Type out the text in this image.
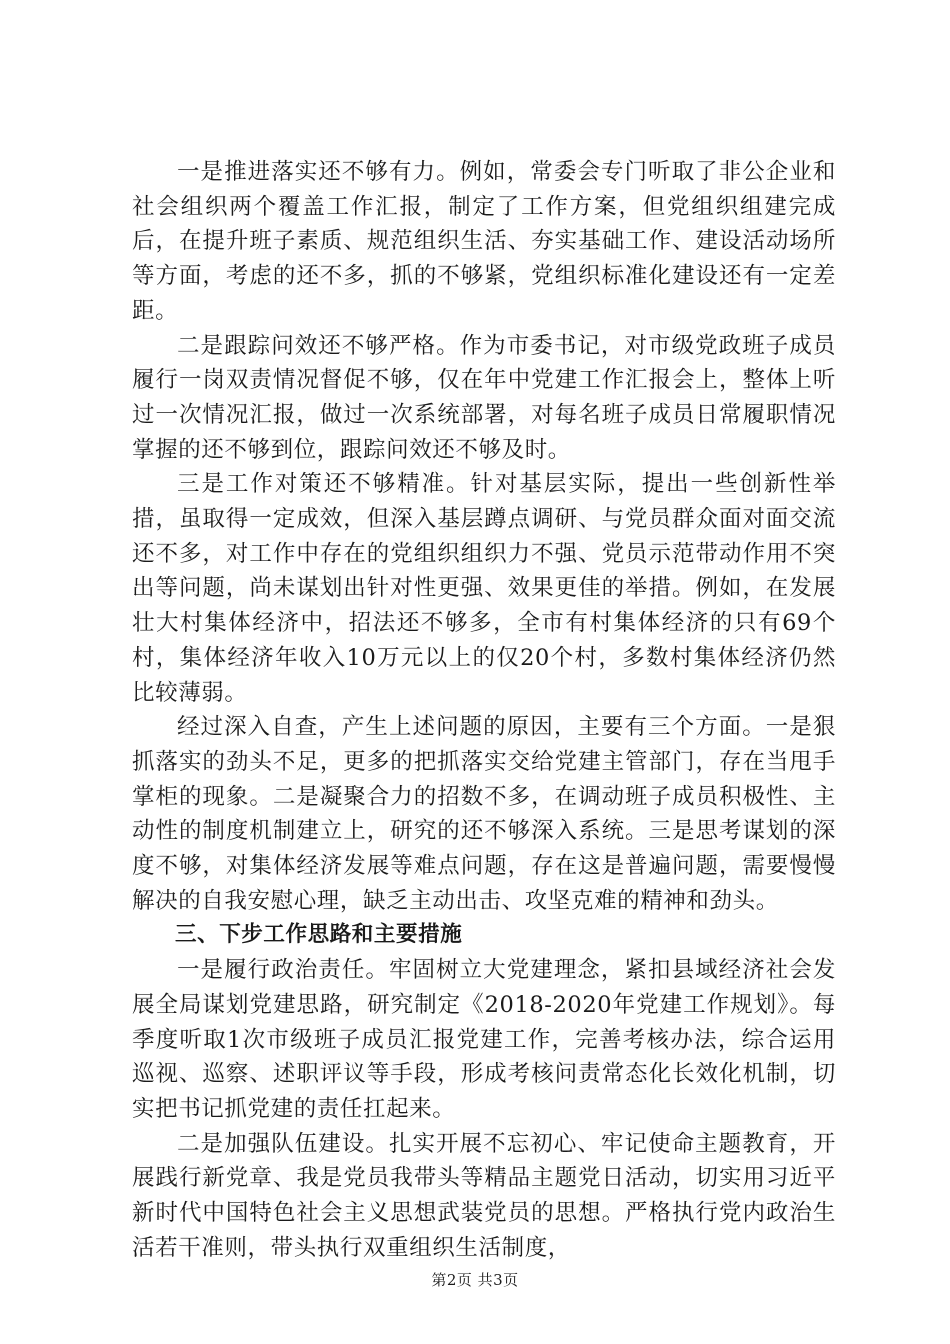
一是推进落实还不够有力。例如，常委会专门听取了非公企业和社会组织两个覆盖工作汇报，制定了工作方案，但党组织组建完成后，在提升班子素质、规范组织生活、夯实基础工作、建设活动场所等方面，考虑的还不多，抓的不够紧，党组织标准化建设还有一定差距。

二是跟踪问效还不够严格。作为市委书记，对市级党政班子成员履行一岗双责情况督促不够，仅在年中党建工作汇报会上，整体上听过一次情况汇报，做过一次系统部署，对每名班子成员日常履职情况掌握的还不够到位，跟踪问效还不够及时。

三是工作对策还不够精准。针对基层实际，提出一些创新性举措，虽取得一定成效，但深入基层蹲点调研、与党员群众面对面交流还不多，对工作中存在的党组织组织力不强、党员示范带动作用不突出等问题，尚未谋划出针对性更强、效果更佳的举措。例如，在发展壮大村集体经济中，招法还不够多，全市有村集体经济的只有69个村，集体经济年收入10万元以上的仅20个村，多数村集体经济仍然比较薄弱。

经过深入自查，产生上述问题的原因，主要有三个方面。一是狠抓落实的劲头不足，更多的把抓落实交给党建主管部门，存在当甩手掌柜的现象。二是凝聚合力的招数不多，在调动班子成员积极性、主动性的制度机制建立上，研究的还不够深入系统。三是思考谋划的深度不够，对集体经济发展等难点问题，存在这是普遍问题，需要慢慢解决的自我安慰心理，缺乏主动出击、攻坚克难的精神和劲头。

三、下步工作思路和主要措施

一是履行政治责任。牢固树立大党建理念，紧扣县域经济社会发展全局谋划党建思路，研究制定《2018-2020年党建工作规划》。每季度听取1次市级班子成员汇报党建工作，完善考核办法，综合运用巡视、巡察、述职评议等手段，形成考核问责常态化长效化机制，切实把书记抓党建的责任扛起来。

二是加强队伍建设。扎实开展不忘初心、牢记使命主题教育，开展践行新党章、我是党员我带头等精品主题党日活动，切实用习近平新时代中国特色社会主义思想武装党员的思想。严格执行党内政治生活若干准则，带头执行双重组织生活制度，

第2页 共3页
